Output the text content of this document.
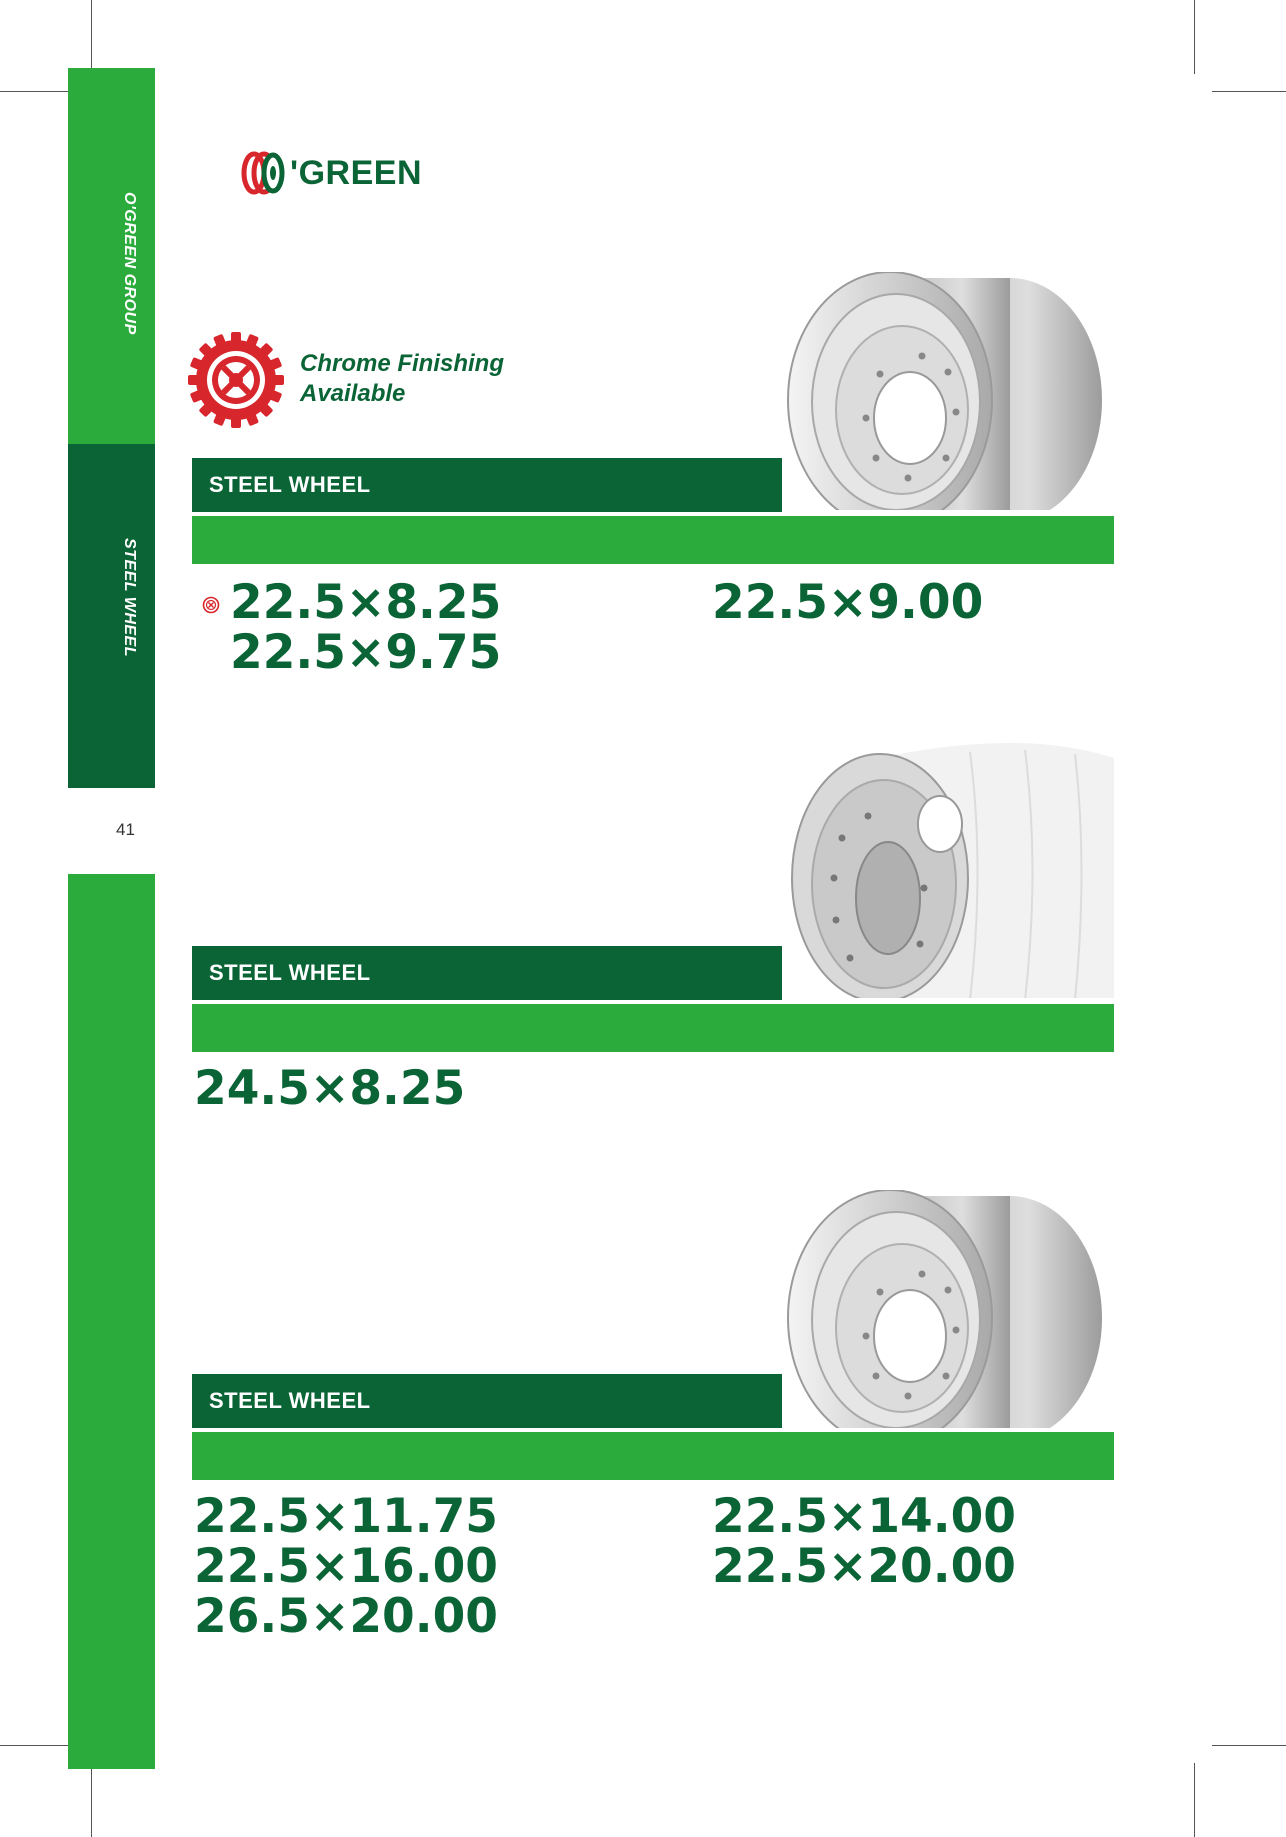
O'GREEN GROUP
STEEL WHEEL
41
'GREEN
Chrome Finishing
Available
STEEL WHEEL
22.5×8.25
22.5×9.75
22.5×9.00
STEEL WHEEL
24.5×8.25
STEEL WHEEL
22.5×11.75
22.5×16.00
26.5×20.00
22.5×14.00
22.5×20.00
